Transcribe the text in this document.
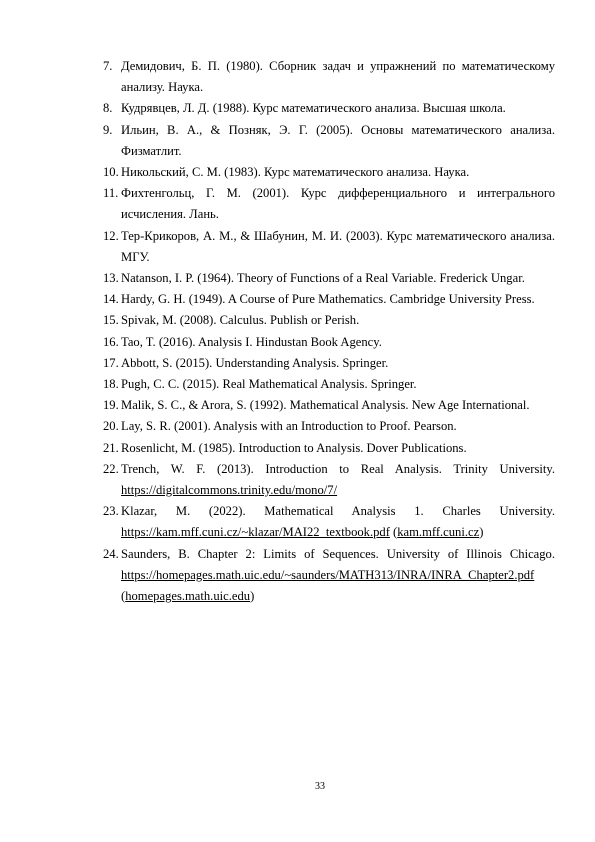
7. Демидович, Б. П. (1980). Сборник задач и упражнений по математическому анализу. Наука.
8. Кудрявцев, Л. Д. (1988). Курс математического анализа. Высшая школа.
9. Ильин, В. А., & Позняк, Э. Г. (2005). Основы математического анализа. Физматлит.
10. Никольский, С. М. (1983). Курс математического анализа. Наука.
11. Фихтенгольц, Г. М. (2001). Курс дифференциального и интегрального исчисления. Лань.
12. Тер-Крикоров, А. М., & Шабунин, М. И. (2003). Курс математического анализа. МГУ.
13. Natanson, I. P. (1964). Theory of Functions of a Real Variable. Frederick Ungar.
14. Hardy, G. H. (1949). A Course of Pure Mathematics. Cambridge University Press.
15. Spivak, M. (2008). Calculus. Publish or Perish.
16. Tao, T. (2016). Analysis I. Hindustan Book Agency.
17. Abbott, S. (2015). Understanding Analysis. Springer.
18. Pugh, C. C. (2015). Real Mathematical Analysis. Springer.
19. Malik, S. C., & Arora, S. (1992). Mathematical Analysis. New Age International.
20. Lay, S. R. (2001). Analysis with an Introduction to Proof. Pearson.
21. Rosenlicht, M. (1985). Introduction to Analysis. Dover Publications.
22. Trench, W. F. (2013). Introduction to Real Analysis. Trinity University. https://digitalcommons.trinity.edu/mono/7/
23. Klazar, M. (2022). Mathematical Analysis 1. Charles University. https://kam.mff.cuni.cz/~klazar/MAI22_textbook.pdf (kam.mff.cuni.cz)
24. Saunders, B. Chapter 2: Limits of Sequences. University of Illinois Chicago. https://homepages.math.uic.edu/~saunders/MATH313/INRA/INRA_Chapter2.pdf (homepages.math.uic.edu)
33
